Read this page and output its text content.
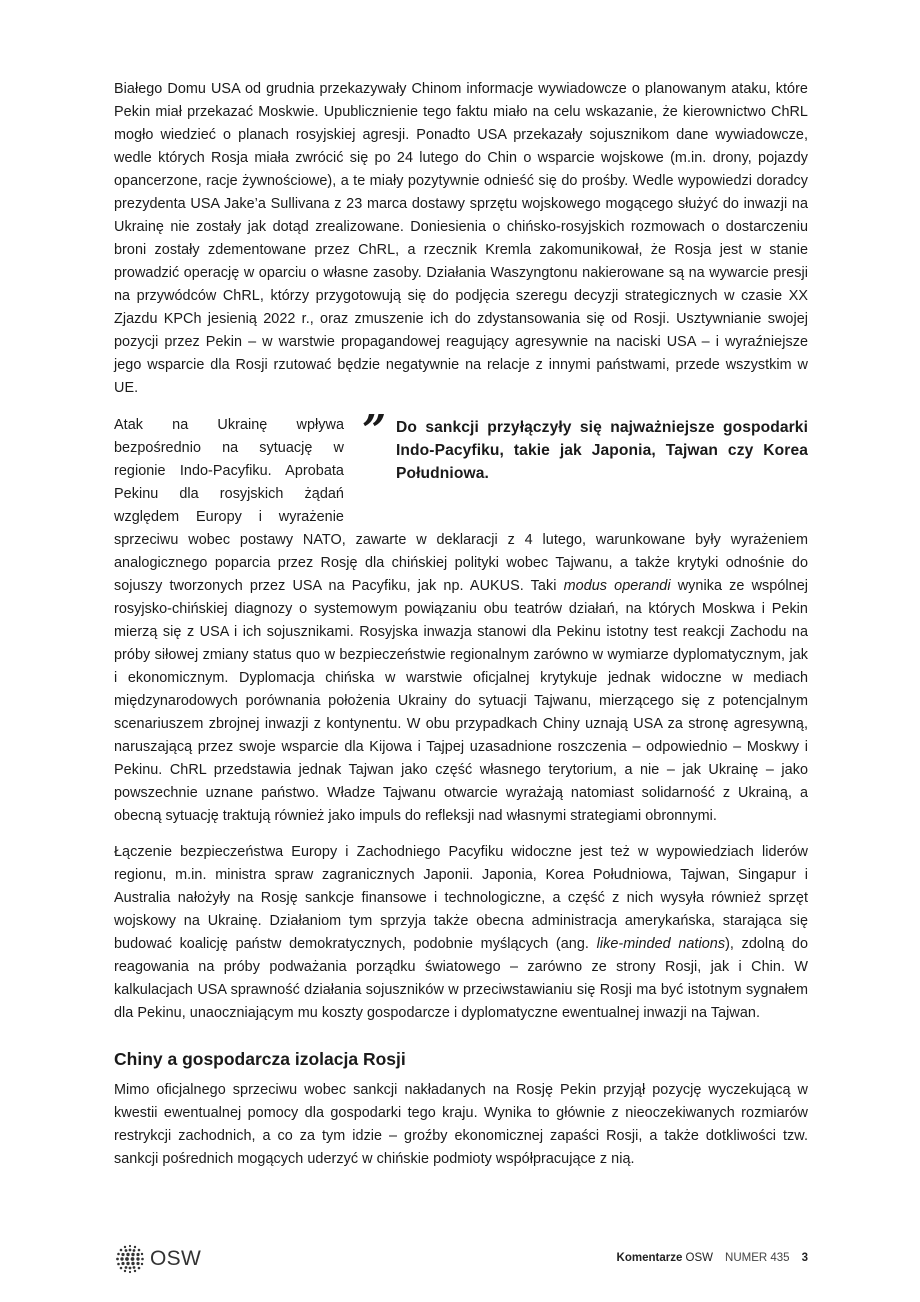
Białego Domu USA od grudnia przekazywały Chinom informacje wywiadowcze o planowanym ataku, które Pekin miał przekazać Moskwie. Upublicznienie tego faktu miało na celu wskazanie, że kierownictwo ChRL mogło wiedzieć o planach rosyjskiej agresji. Ponadto USA przekazały sojusznikom dane wywiadowcze, wedle których Rosja miała zwrócić się po 24 lutego do Chin o wsparcie wojskowe (m.in. drony, pojazdy opancerzone, racje żywnościowe), a te miały pozytywnie odnieść się do prośby. Wedle wypowiedzi doradcy prezydenta USA Jake’a Sullivana z 23 marca dostawy sprzętu wojskowego mogącego służyć do inwazji na Ukrainę nie zostały jak dotąd zrealizowane. Doniesienia o chińsko-rosyjskich rozmowach o dostarczeniu broni zostały zdementowane przez ChRL, a rzecznik Kremla zakomunikował, że Rosja jest w stanie prowadzić operację w oparciu o własne zasoby. Działania Waszyngtonu nakierowane są na wywarcie presji na przywódców ChRL, którzy przygotowują się do podjęcia szeregu decyzji strategicznych w czasie XX Zjazdu KPCh jesienią 2022 r., oraz zmuszenie ich do zdystansowania się od Rosji. Usztywnianie swojej pozycji przez Pekin – w warstwie propagandowej reagujący agresywnie na naciski USA – i wyraźniejsze jego wsparcie dla Rosji rzutować będzie negatywnie na relacje z innymi państwami, przede wszystkim w UE.

” Do sankcji przyłączyły się najważniejsze gospodarki Indo-Pacyfiku, takie jak Japonia, Tajwan czy Korea Południowa.

Atak na Ukrainę wpływa bezpośrednio na sytuację w regionie Indo-Pacyfiku. Aprobata Pekinu dla rosyjskich żądań względem Europy i wyrażenie sprzeciwu wobec postawy NATO, zawarte w deklaracji z 4 lutego, warunkowane były wyrażeniem analogicznego poparcia przez Rosję dla chińskiej polityki wobec Tajwanu, a także krytyki odnośnie do sojuszy tworzonych przez USA na Pacyfiku, jak np. AUKUS. Taki modus operandi wynika ze wspólnej rosyjsko-chińskiej diagnozy o systemowym powiązaniu obu teatrów działań, na których Moskwa i Pekin mierzą się z USA i ich sojusznikami. Rosyjska inwazja stanowi dla Pekinu istotny test reakcji Zachodu na próby siłowej zmiany status quo w bezpieczeństwie regionalnym zarówno w wymiarze dyplomatycznym, jak i ekonomicznym. Dyplomacja chińska w warstwie oficjalnej krytykuje jednak widoczne w mediach międzynarodowych porównania położenia Ukrainy do sytuacji Tajwanu, mierzącego się z potencjalnym scenariuszem zbrojnej inwazji z kontynentu. W obu przypadkach Chiny uznają USA za stronę agresywną, naruszającą przez swoje wsparcie dla Kijowa i Tajpej uzasadnione roszczenia – odpowiednio – Moskwy i Pekinu. ChRL przedstawia jednak Tajwan jako część własnego terytorium, a nie – jak Ukrainę – jako powszechnie uznane państwo. Władze Tajwanu otwarcie wyrażają natomiast solidarność z Ukrainą, a obecną sytuację traktują również jako impuls do refleksji nad własnymi strategiami obronnymi.

Łączenie bezpieczeństwa Europy i Zachodniego Pacyfiku widoczne jest też w wypowiedziach liderów regionu, m.in. ministra spraw zagranicznych Japonii. Japonia, Korea Południowa, Tajwan, Singapur i Australia nałożyły na Rosję sankcje finansowe i technologiczne, a część z nich wysyła również sprzęt wojskowy na Ukrainę. Działaniom tym sprzyja także obecna administracja amerykańska, starająca się budować koalicję państw demokratycznych, podobnie myślących (ang. like-minded nations), zdolną do reagowania na próby podważania porządku światowego – zarówno ze strony Rosji, jak i Chin. W kalkulacjach USA sprawność działania sojuszników w przeciwstawianiu się Rosji ma być istotnym sygnałem dla Pekinu, unaoczniającym mu koszty gospodarcze i dyplomatyczne ewentualnej inwazji na Tajwan.

Chiny a gospodarcza izolacja Rosji

Mimo oficjalnego sprzeciwu wobec sankcji nakładanych na Rosję Pekin przyjął pozycję wyczekującą w kwestii ewentualnej pomocy dla gospodarki tego kraju. Wynika to głównie z nieoczekiwanych rozmiarów restrykcji zachodnich, a co za tym idzie – groźby ekonomicznej zapaści Rosji, a także dotkliwości tzw. sankcji pośrednich mogących uderzyć w chińskie podmioty współpracujące z nią.

OSW	Komentarze OSW NUMER 435 3
